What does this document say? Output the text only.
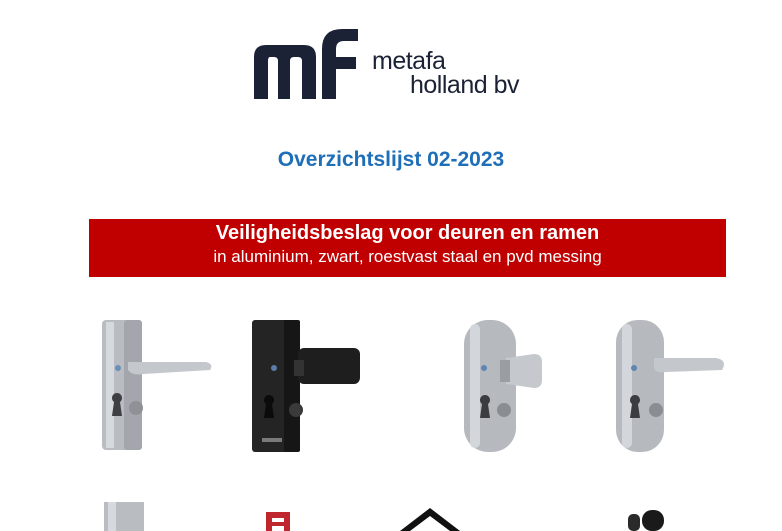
metafa
holland bv
Overzichtslijst 02-2023
Veiligheidsbeslag voor deuren en ramen
in aluminium, zwart, roestvast staal en pvd messing
